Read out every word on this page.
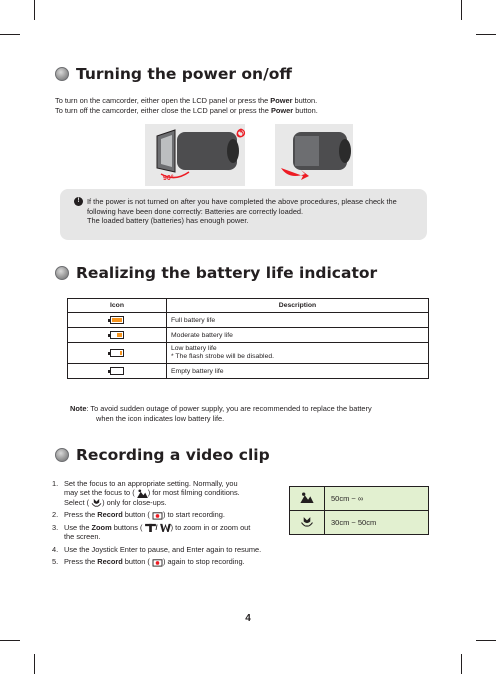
Turning the power on/off
To turn on the camcorder, either open the LCD panel or press the Power button.
To turn off the camcorder, either close the LCD panel or press the Power button.
90°
!	If the power is not turned on after you have completed the above procedures, please check the following have been done correctly: Batteries are correctly loaded.
The loaded battery (batteries) has enough power.
Realizing the battery life indicator
Icon	Description

	Full battery life

	Moderate battery life

	Low battery life
* The flash strobe will be disabled.

	Empty battery life
Note: To avoid sudden outage of power supply, you are recommended to replace the battery
when the icon indicates low battery life.
Recording a video clip
1. Set the focus to an appropriate setting. Normally, you
may set the focus to ( ) for most filming conditions.
Select ( ) only for close-ups.
2. Press the Record button ( ) to start recording.
3. Use the Zoom buttons ( / ) to zoom in or zoom out
the screen.
4. Use the Joystick Enter to pause, and Enter again to resume.
5. Press the Record button ( ) again to stop recording.
	50cm ~ ∞
	30cm ~ 50cm
4
